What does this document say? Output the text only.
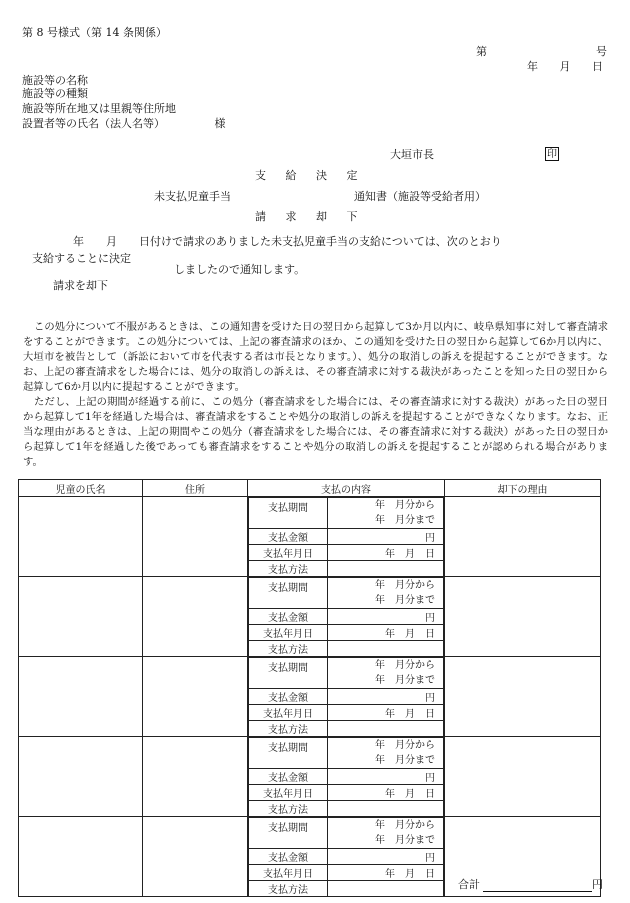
第 8 号様式（第 14 条関係）
第	号
年 月 日
施設等の名称
施設等の種類
施設等所在地又は里親等住所地
設置者等の氏名（法人名等）　　　　　様
大垣市長	印
支 給 決 定
未支払児童手当	通知書（施設等受給者用）
請 求 却 下
年　　月　　日付けで請求のありました未支払児童手当の支給については、次のとおり
支給することに決定
しましたので通知します。
請求を却下

この処分について不服があるときは、この通知書を受けた日の翌日から起算して3か月以内に、岐阜県知事に対して審査請求をすることができます。この処分については、上記の審査請求のほか、この通知を受けた日の翌日から起算して6か月以内に、大垣市を被告として（訴訟において市を代表する者は市長となります。）、処分の取消しの訴えを提起することができます。なお、上記の審査請求をした場合には、処分の取消しの訴えは、その審査請求に対する裁決があったことを知った日の翌日から起算して6か月以内に提起することができます。

ただし、上記の期間が経過する前に、この処分（審査請求をした場合には、その審査請求に対する裁決）があった日の翌日から起算して1年を経過した場合は、審査請求をすることや処分の取消しの訴えを提起することができなくなります。なお、正当な理由があるときは、上記の期間やこの処分（審査請求をした場合には、その審査請求に対する裁決）があった日の翌日から起算して1年を経過した後であっても審査請求をすることや処分の取消しの訴えを提起することが認められる場合があります。

児童の氏名	住所	支払の内容	却下の理由

支払期間	年　月分から
年　月分まで

支払金額	円
支払年月日	年　月　日
支払方法	

支払期間	年　月分から
年　月分まで

支払金額	円
支払年月日	年　月　日
支払方法	

支払期間	年　月分から
年　月分まで

支払金額	円
支払年月日	年　月　日
支払方法	

支払期間	年　月分から
年　月分まで

支払金額	円
支払年月日	年　月　日
支払方法	

支払期間	年　月分から
年　月分まで

支払金額	円
支払年月日	年　月　日
支払方法	
		合計	円
